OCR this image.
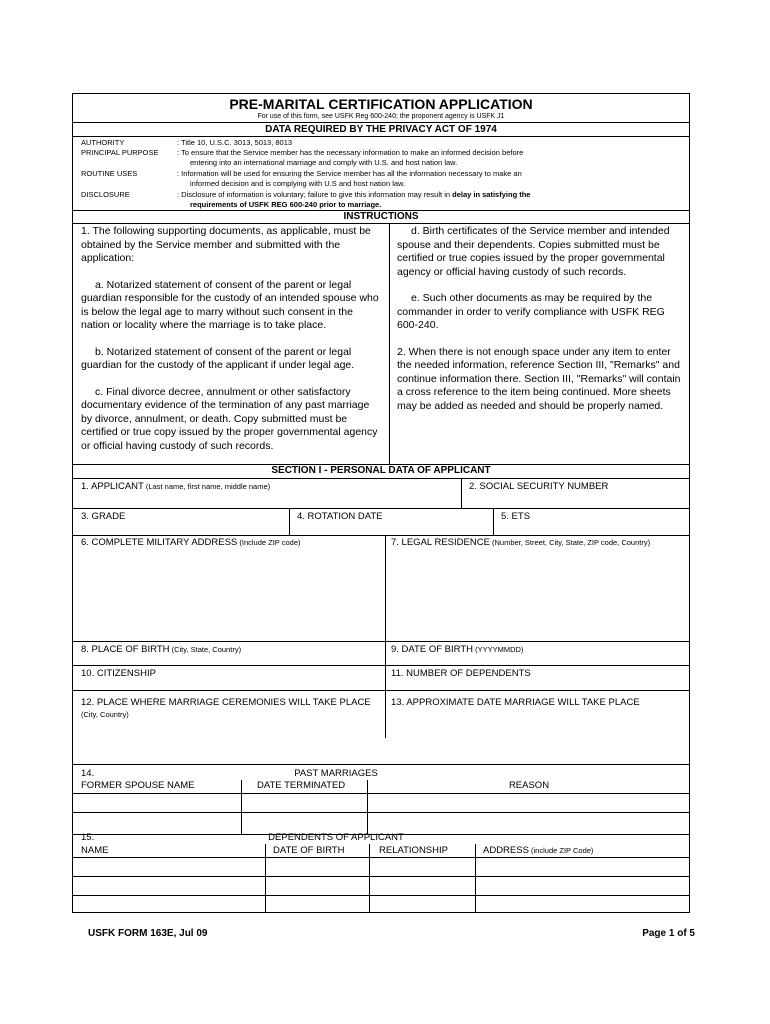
PRE-MARITAL CERTIFICATION APPLICATION
For use of this form, see USFK Reg 600-240; the proponent agency is USFK J1
DATA REQUIRED BY THE PRIVACY ACT OF 1974
AUTHORITY	: Title 10, U.S.C. 3013, 5013, 8013
PRINCIPAL PURPOSE	: To ensure that the Service member has the necessary information to make an informed decision before
entering into an international marriage and comply with U.S. and host nation law.
ROUTINE USES	: Information will be used for ensuring the Service member has all the information necessary to make an
informed decision and is complying with U.S and host nation law.
DISCLOSURE	: Disclosure of information is voluntary; failure to give this information may result in delay in satisfying the
requirements of USFK REG 600-240 prior to marriage.
INSTRUCTIONS
1. The following supporting documents, as applicable, must be obtained by the Service member and submitted with the application:
a. Notarized statement of consent of the parent or legal guardian responsible for the custody of an intended spouse who is below the legal age to marry without such consent in the nation or locality where the marriage is to take place.
b. Notarized statement of consent of the parent or legal guardian for the custody of the applicant if under legal age.
c. Final divorce decree, annulment or other satisfactory documentary evidence of the termination of any past marriage by divorce, annulment, or death. Copy submitted must be certified or true copy issued by the proper governmental agency or official having custody of such records.
d. Birth certificates of the Service member and intended spouse and their dependents. Copies submitted must be certified or true copies issued by the proper governmental agency or official having custody of such records.
e. Such other documents as may be required by the commander in order to verify compliance with USFK REG 600-240.
2. When there is not enough space under any item to enter the needed information, reference Section III, "Remarks" and continue information there. Section III, "Remarks" will contain a cross reference to the item being continued. More sheets may be added as needed and should be properly named.
SECTION I - PERSONAL DATA OF APPLICANT
1. APPLICANT (Last name, first name, middle name)	2. SOCIAL SECURITY NUMBER
3. GRADE	4. ROTATION DATE	5. ETS
6. COMPLETE MILITARY ADDRESS (Include ZIP code)	7. LEGAL RESIDENCE (Number, Street, City, State, ZIP code, Country)
8. PLACE OF BIRTH (City, State, Country)	9. DATE OF BIRTH (YYYYMMDD)
10. CITIZENSHIP	11. NUMBER OF DEPENDENTS
12. PLACE WHERE MARRIAGE CEREMONIES WILL TAKE PLACE (City, Country)
13. APPROXIMATE DATE MARRIAGE WILL TAKE PLACE
14.	PAST MARRIAGES
FORMER SPOUSE NAME	DATE TERMINATED	REASON
15.	DEPENDENTS OF APPLICANT
NAME	DATE OF BIRTH	RELATIONSHIP	ADDRESS (include ZIP Code)
USFK FORM 163E, Jul 09	Page 1 of 5
